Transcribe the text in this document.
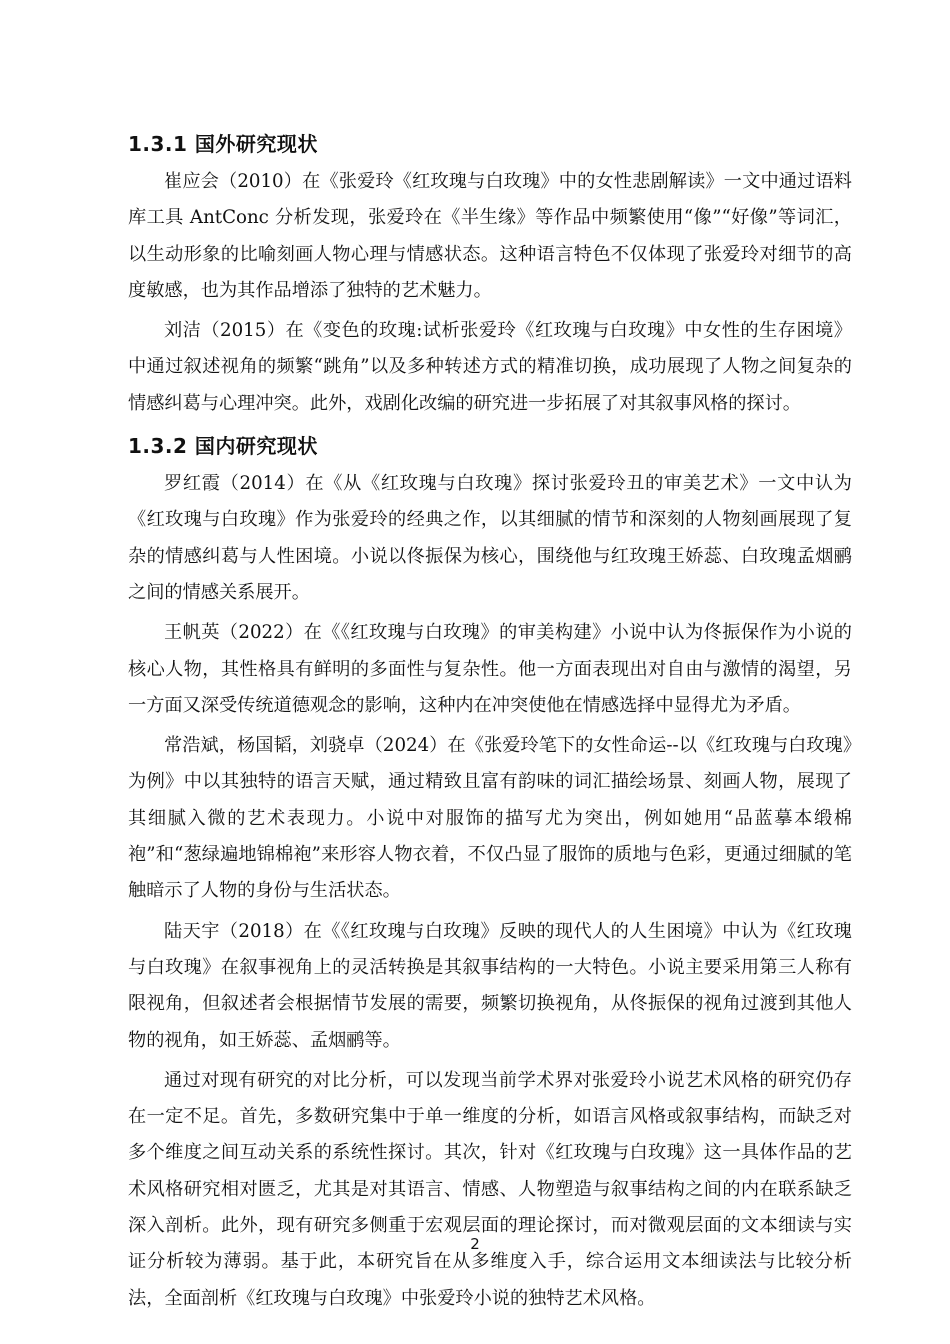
1.3.1 国外研究现状

崔应会（2010）在《张爱玲《红玫瑰与白玫瑰》中的女性悲剧解读》一文中通过语料库工具 AntConc 分析发现，张爱玲在《半生缘》等作品中频繁使用“像”“好像”等词汇，以生动形象的比喻刻画人物心理与情感状态。这种语言特色不仅体现了张爱玲对细节的高度敏感，也为其作品增添了独特的艺术魅力。

刘洁（2015）在《变色的玫瑰:试析张爱玲《红玫瑰与白玫瑰》中女性的生存困境》中通过叙述视角的频繁“跳角”以及多种转述方式的精准切换，成功展现了人物之间复杂的情感纠葛与心理冲突。此外，戏剧化改编的研究进一步拓展了对其叙事风格的探讨。

1.3.2 国内研究现状

罗红霞（2014）在《从《红玫瑰与白玫瑰》探讨张爱玲丑的审美艺术》一文中认为《红玫瑰与白玫瑰》作为张爱玲的经典之作，以其细腻的情节和深刻的人物刻画展现了复杂的情感纠葛与人性困境。小说以佟振保为核心，围绕他与红玫瑰王娇蕊、白玫瑰孟烟鹂之间的情感关系展开。

王帆英（2022）在《《红玫瑰与白玫瑰》的审美构建》小说中认为佟振保作为小说的核心人物，其性格具有鲜明的多面性与复杂性。他一方面表现出对自由与激情的渴望，另一方面又深受传统道德观念的影响，这种内在冲突使他在情感选择中显得尤为矛盾。

常浩斌，杨国韬，刘骁卓（2024）在《张爱玲笔下的女性命运--以《红玫瑰与白玫瑰》为例》中以其独特的语言天赋，通过精致且富有韵味的词汇描绘场景、刻画人物，展现了其细腻入微的艺术表现力。小说中对服饰的描写尤为突出，例如她用“品蓝摹本缎棉袍”和“葱绿遍地锦棉袍”来形容人物衣着，不仅凸显了服饰的质地与色彩，更通过细腻的笔触暗示了人物的身份与生活状态。

陆天宇（2018）在《《红玫瑰与白玫瑰》反映的现代人的人生困境》中认为《红玫瑰与白玫瑰》在叙事视角上的灵活转换是其叙事结构的一大特色。小说主要采用第三人称有限视角，但叙述者会根据情节发展的需要，频繁切换视角，从佟振保的视角过渡到其他人物的视角，如王娇蕊、孟烟鹂等。

通过对现有研究的对比分析，可以发现当前学术界对张爱玲小说艺术风格的研究仍存在一定不足。首先，多数研究集中于单一维度的分析，如语言风格或叙事结构，而缺乏对多个维度之间互动关系的系统性探讨。其次，针对《红玫瑰与白玫瑰》这一具体作品的艺术风格研究相对匮乏，尤其是对其语言、情感、人物塑造与叙事结构之间的内在联系缺乏深入剖析。此外，现有研究多侧重于宏观层面的理论探讨，而对微观层面的文本细读与实证分析较为薄弱。基于此，本研究旨在从多维度入手，综合运用文本细读法与比较分析法，全面剖析《红玫瑰与白玫瑰》中张爱玲小说的独特艺术风格。

2
